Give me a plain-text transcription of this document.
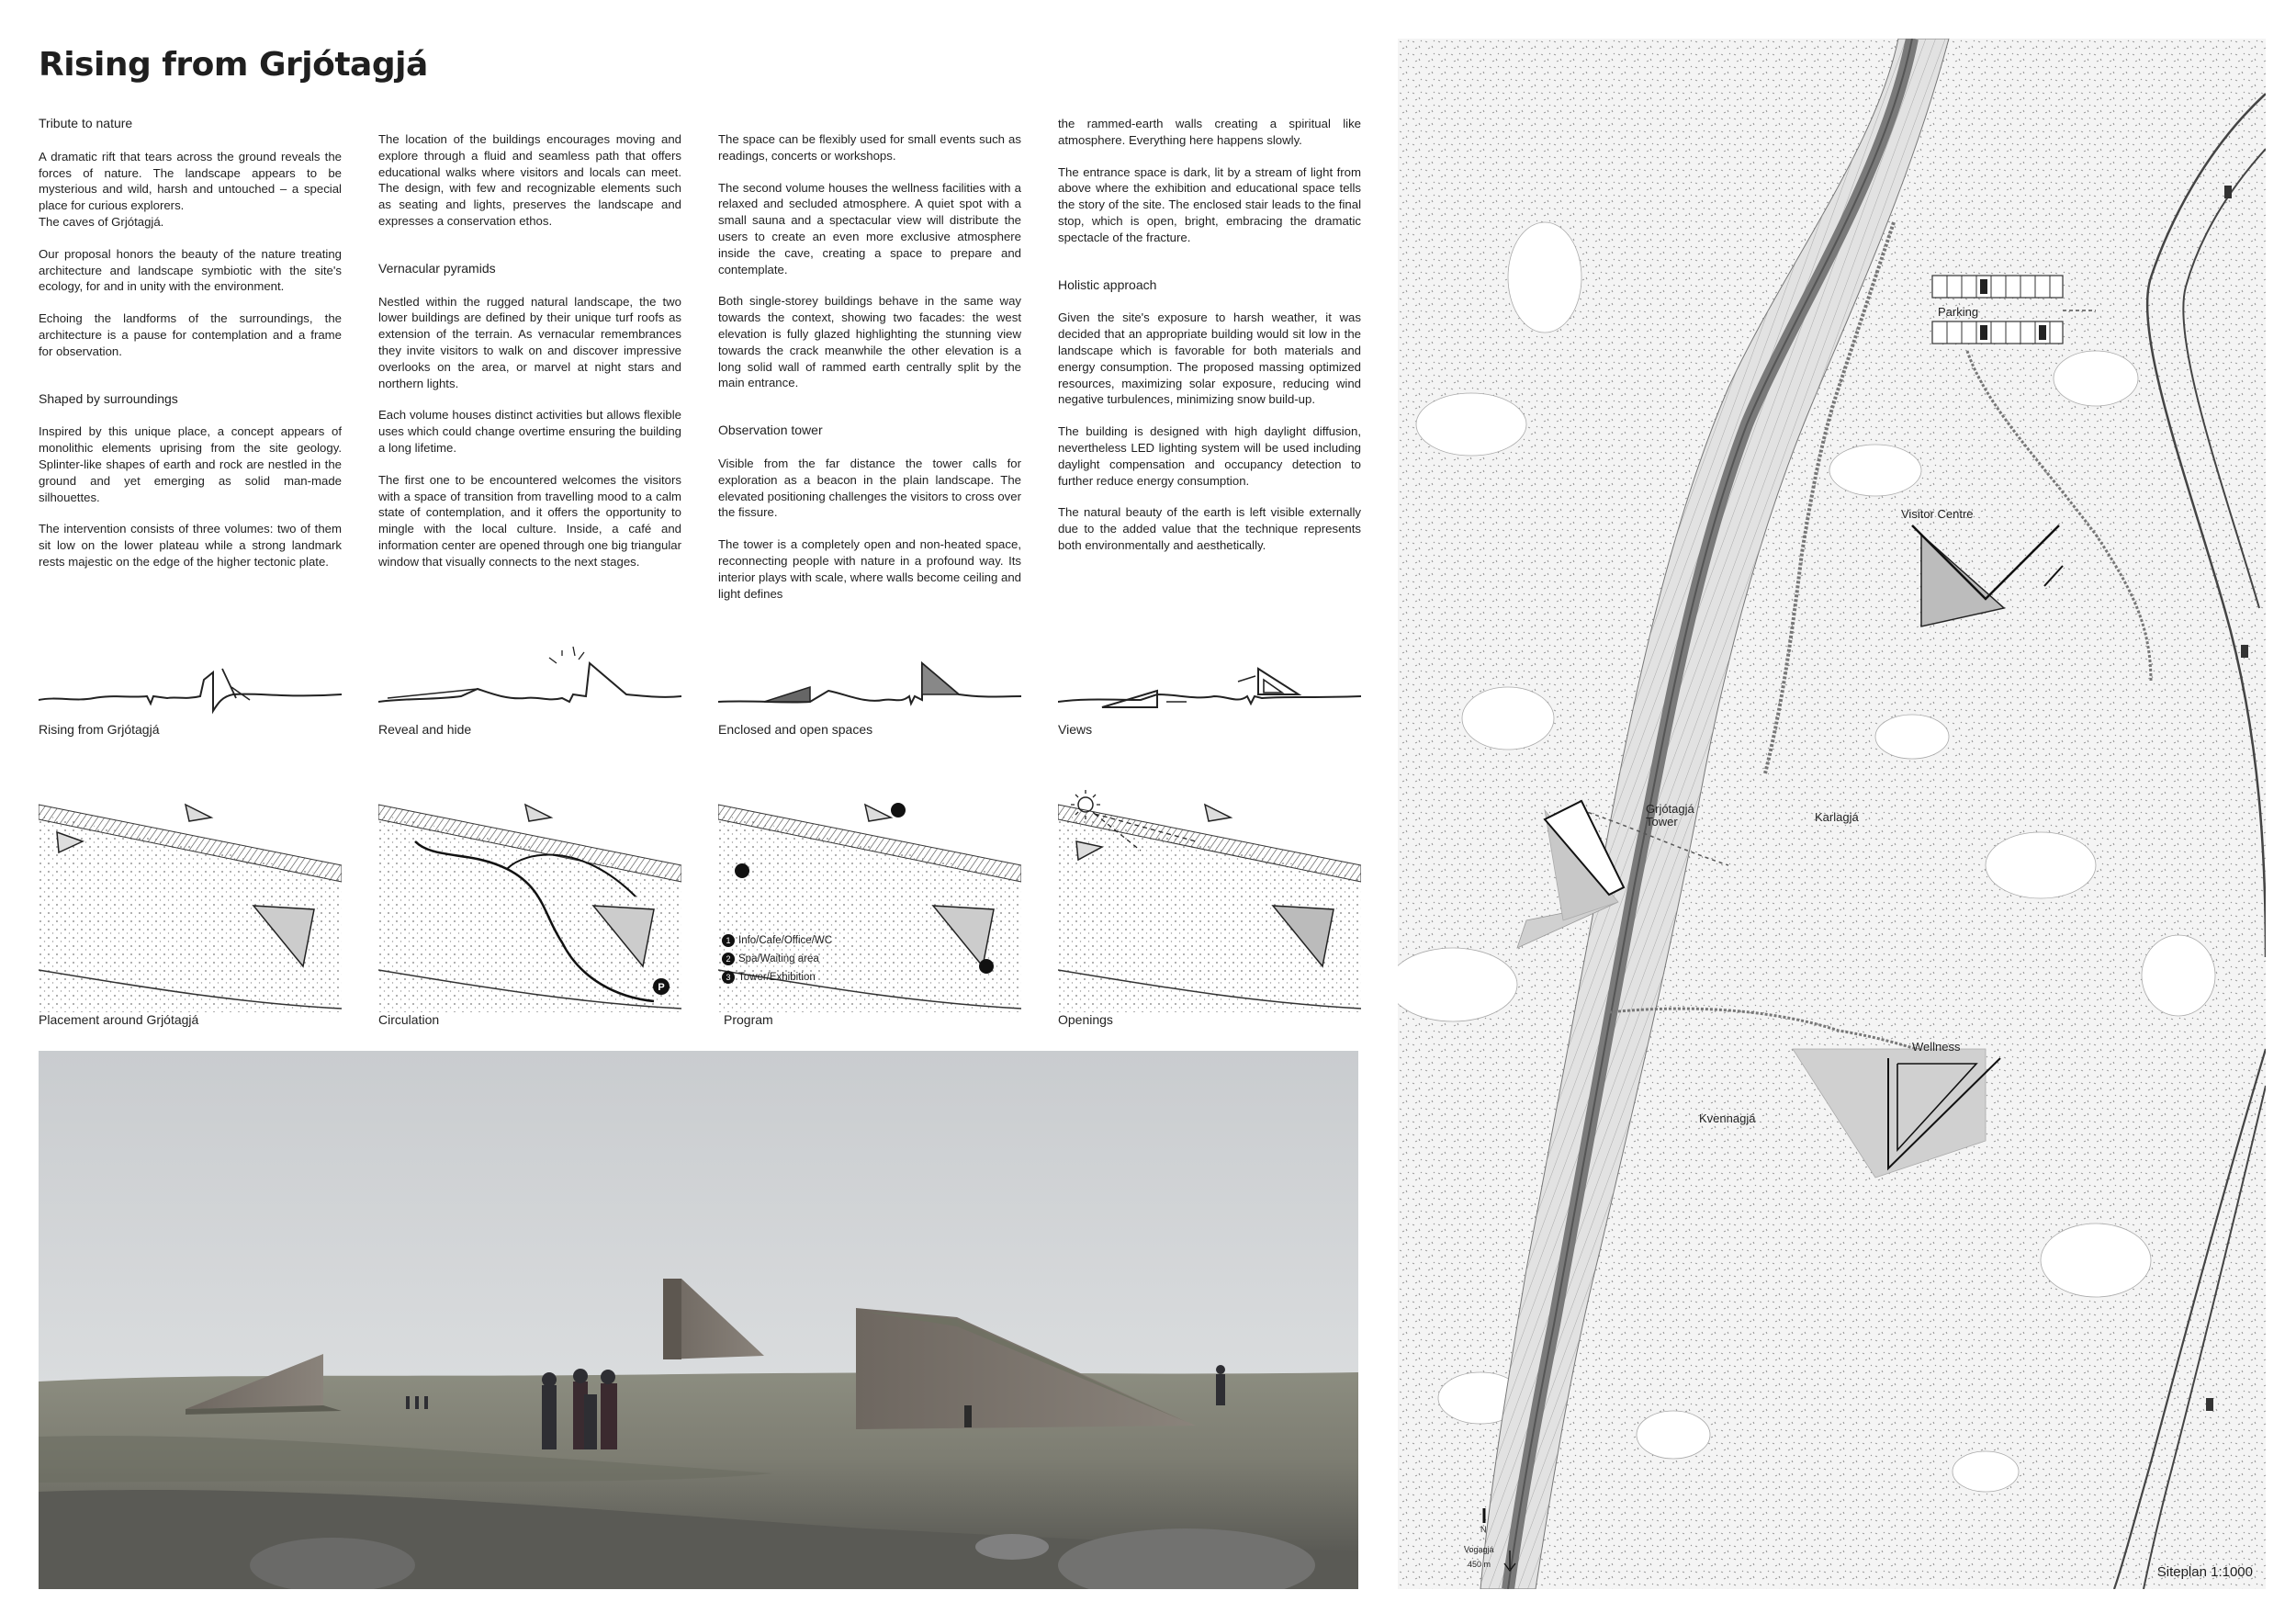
Rising from Grjótagjá
Tribute to nature

A dramatic rift that tears across the ground reveals the forces of nature. The landscape appears to be mysterious and wild, harsh and untouched – a special place for curious explorers.

The caves of Grjótagjá.

Our proposal honors the beauty of the nature treating architecture and landscape symbiotic with the site's ecology, for and in unity with the environment.

Echoing the landforms of the surroundings, the architecture is a pause for contemplation and a frame for observation.

Shaped by surroundings

Inspired by this unique place, a concept appears of monolithic elements uprising from the site geology. Splinter-like shapes of earth and rock are nestled in the ground and yet emerging as solid man-made silhouettes.

The intervention consists of three volumes: two of them sit low on the lower plateau while a strong landmark rests majestic on the edge of the higher tectonic plate.

The location of the buildings encourages moving and explore through a fluid and seamless path that offers educational walks where visitors and locals can meet. The design, with few and recognizable elements such as seating and lights, preserves the landscape and expresses a conservation ethos.

Vernacular pyramids

Nestled within the rugged natural landscape, the two lower buildings are defined by their unique turf roofs as extension of the terrain. As vernacular remembrances they invite visitors to walk on and discover impressive overlooks on the area, or marvel at night stars and northern lights.

Each volume houses distinct activities but allows flexible uses which could change overtime ensuring the building a long lifetime.

The first one to be encountered welcomes the visitors with a space of transition from travelling mood to a calm state of contemplation, and it offers the opportunity to mingle with the local culture. Inside, a café and information center are opened through one big triangular window that visually connects to the next stages.

The space can be flexibly used for small events such as readings, concerts or workshops.

The second volume houses the wellness facilities with a relaxed and secluded atmosphere. A quiet spot with a small sauna and a spectacular view will distribute the users to create an even more exclusive atmosphere inside the cave, creating a space to prepare and contemplate.

Both single-storey buildings behave in the same way towards the context, showing two facades: the west elevation is fully glazed highlighting the stunning view towards the crack meanwhile the other elevation is a long solid wall of rammed earth centrally split by the main entrance.

Observation tower

Visible from the far distance the tower calls for exploration as a beacon in the plain landscape. The elevated positioning challenges the visitors to cross over the fissure.

The tower is a completely open and non-heated space, reconnecting people with nature in a profound way. Its interior plays with scale, where walls become ceiling and light defines

the rammed-earth walls creating a spiritual like atmosphere. Everything here happens slowly.

The entrance space is dark, lit by a stream of light from above where the exhibition and educational space tells the story of the site. The enclosed stair leads to the final stop, which is open, bright, embracing the dramatic spectacle of the fracture.

Holistic approach

Given the site's exposure to harsh weather, it was decided that an appropriate building would sit low in the landscape which is favorable for both materials and energy consumption. The proposed massing optimized resources, maximizing solar exposure, reducing wind negative turbulences, minimizing snow build-up.

The building is designed with high daylight diffusion, nevertheless LED lighting system will be used including daylight compensation and occupancy detection to further reduce energy consumption.

The natural beauty of the earth is left visible externally due to the added value that the technique represents both environmentally and aesthetically.

Rising from Grjótagjá	Reveal and hide	Enclosed and open spaces	Views
Placement around Grjótagjá
P
Circulation
1 Info/Cafe/Office/WC
2 Spa/Waiting area
3 Tower/Exhibition
Program	Openings
Parking
Visitor Centre
Grjótagjá
Tower	Karlagjá
Wellness
Kvennagjá
N
Vogagjá
450 m	Siteplan 1:1000
